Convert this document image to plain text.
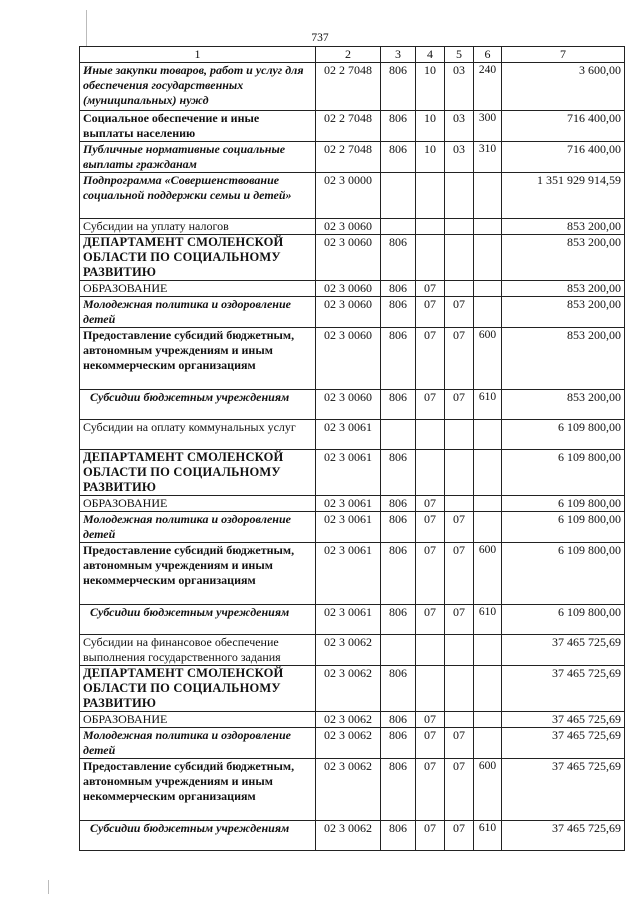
737
1	2	3	4	5	6	7
Иные закупки товаров, работ и услуг для обеспечения государственных (муниципальных) нужд	02 2 7048	806	10	03	240	3 600,00
Социальное обеспечение и иные выплаты населению	02 2 7048	806	10	03	300	716 400,00
Публичные нормативные социальные выплаты гражданам	02 2 7048	806	10	03	310	716 400,00
Подпрограмма «Совершенствование социальной поддержки семьи и детей»	02 3 0000					1 351 929 914,59
Субсидии на уплату налогов	02 3 0060					853 200,00
ДЕПАРТАМЕНТ СМОЛЕНСКОЙ ОБЛАСТИ ПО СОЦИАЛЬНОМУ РАЗВИТИЮ	02 3 0060	806				853 200,00
ОБРАЗОВАНИЕ	02 3 0060	806	07			853 200,00
Молодежная политика и оздоровление детей	02 3 0060	806	07	07		853 200,00
Предоставление субсидий бюджетным, автономным учреждениям и иным некоммерческим организациям	02 3 0060	806	07	07	600	853 200,00
Субсидии бюджетным учреждениям	02 3 0060	806	07	07	610	853 200,00
Субсидии на оплату коммунальных услуг	02 3 0061					6 109 800,00
ДЕПАРТАМЕНТ СМОЛЕНСКОЙ ОБЛАСТИ ПО СОЦИАЛЬНОМУ РАЗВИТИЮ	02 3 0061	806				6 109 800,00
ОБРАЗОВАНИЕ	02 3 0061	806	07			6 109 800,00
Молодежная политика и оздоровление детей	02 3 0061	806	07	07		6 109 800,00
Предоставление субсидий бюджетным, автономным учреждениям и иным некоммерческим организациям	02 3 0061	806	07	07	600	6 109 800,00
Субсидии бюджетным учреждениям	02 3 0061	806	07	07	610	6 109 800,00
Субсидии на финансовое обеспечение выполнения государственного задания	02 3 0062					37 465 725,69
ДЕПАРТАМЕНТ СМОЛЕНСКОЙ ОБЛАСТИ ПО СОЦИАЛЬНОМУ РАЗВИТИЮ	02 3 0062	806				37 465 725,69
ОБРАЗОВАНИЕ	02 3 0062	806	07			37 465 725,69
Молодежная политика и оздоровление детей	02 3 0062	806	07	07		37 465 725,69
Предоставление субсидий бюджетным, автономным учреждениям и иным некоммерческим организациям	02 3 0062	806	07	07	600	37 465 725,69
Субсидии бюджетным учреждениям	02 3 0062	806	07	07	610	37 465 725,69
